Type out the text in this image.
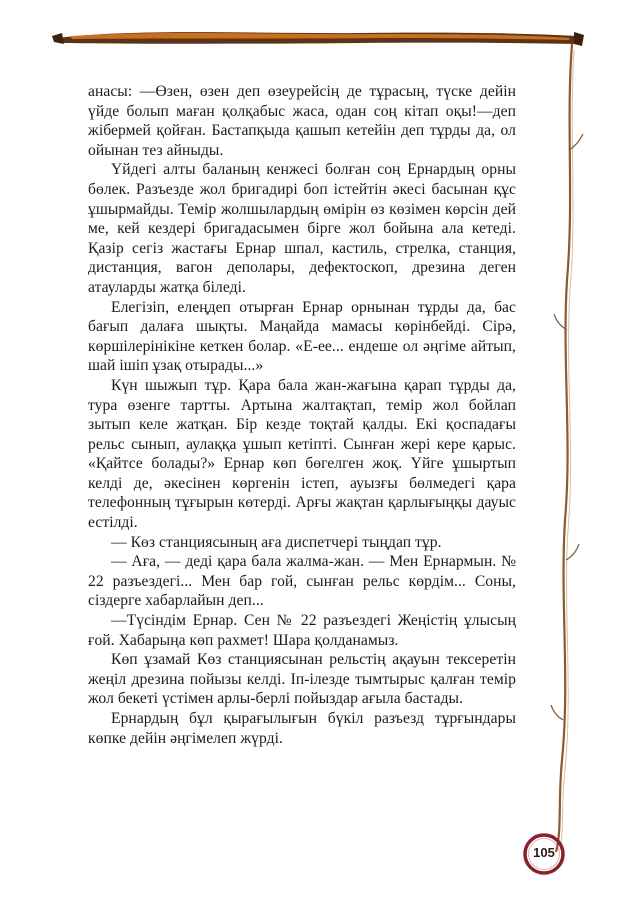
анасы: —Өзен, өзен деп өзеурейсің де тұрасың, түске дейін үйде болып маған қолқабыс жаса, одан соң кітап оқы!—деп жібермей қойған. Бастапқыда қашып кетейін деп тұрды да, ол ойынан тез айныды.

Үйдегі алты баланың кенжесі болған соң Ернардың орны бөлек. Разъезде жол бригадирі боп істейтін әкесі басынан құс ұшырмайды. Темір жолшылардың өмірін өз көзімен көрсін дей ме, кей кездері бригадасымен бірге жол бойына ала кетеді. Қазір сегіз жастағы Ернар шпал, кастиль, стрелка, станция, дистанция, вагон деполары, дефектоскоп, дрезина деген атауларды жатқа біледі.

Елегізіп, елеңдеп отырған Ернар орнынан тұрды да, бас бағып далаға шықты. Маңайда мамасы көрінбейді. Сірә, көршілерінікіне кеткен болар. «Е-ее... ендеше ол әңгіме айтып, шай ішіп ұзақ отырады...»

Күн шыжып тұр. Қара бала жан-жағына қарап тұрды да, тура өзенге тартты. Артына жалтақтап, темір жол бойлап зытып келе жатқан. Бір кезде тоқтай қалды. Екі қоспадағы рельс сынып, аулаққа ұшып кетіпті. Сынған жері кере қарыс. «Қайтсе болады?» Ернар көп бөгелген жоқ. Үйге ұшыртып келді де, әкесінен көргенін істеп, ауызғы бөлмедегі қара телефонның тұғырын көтерді. Арғы жақтан қарлығыңқы дауыс естілді.

— Көз станциясының аға диспетчері тыңдап тұр.

— Аға, — деді қара бала жалма-жан. — Мен Ернармын. № 22 разъездегі... Мен бар гой, сынған рельс көрдім... Соны, сіздерге хабарлайын деп...

—Түсіндім Ернар. Сен № 22 разъездегі Жеңістің ұлысың ғой. Хабарыңа көп рахмет! Шара қолданамыз.

Көп ұзамай Көз станциясынан рельстің ақауын тексеретін жеңіл дрезина пойызы келді. Іп-ілезде тымтырыс қалған темір жол бекеті үстімен арлы-берлі пойыздар ағыла бастады.

Ернардың бұл қырағылығын бүкіл разъезд тұрғындары көпке дейін әңгімелеп жүрді.

105
